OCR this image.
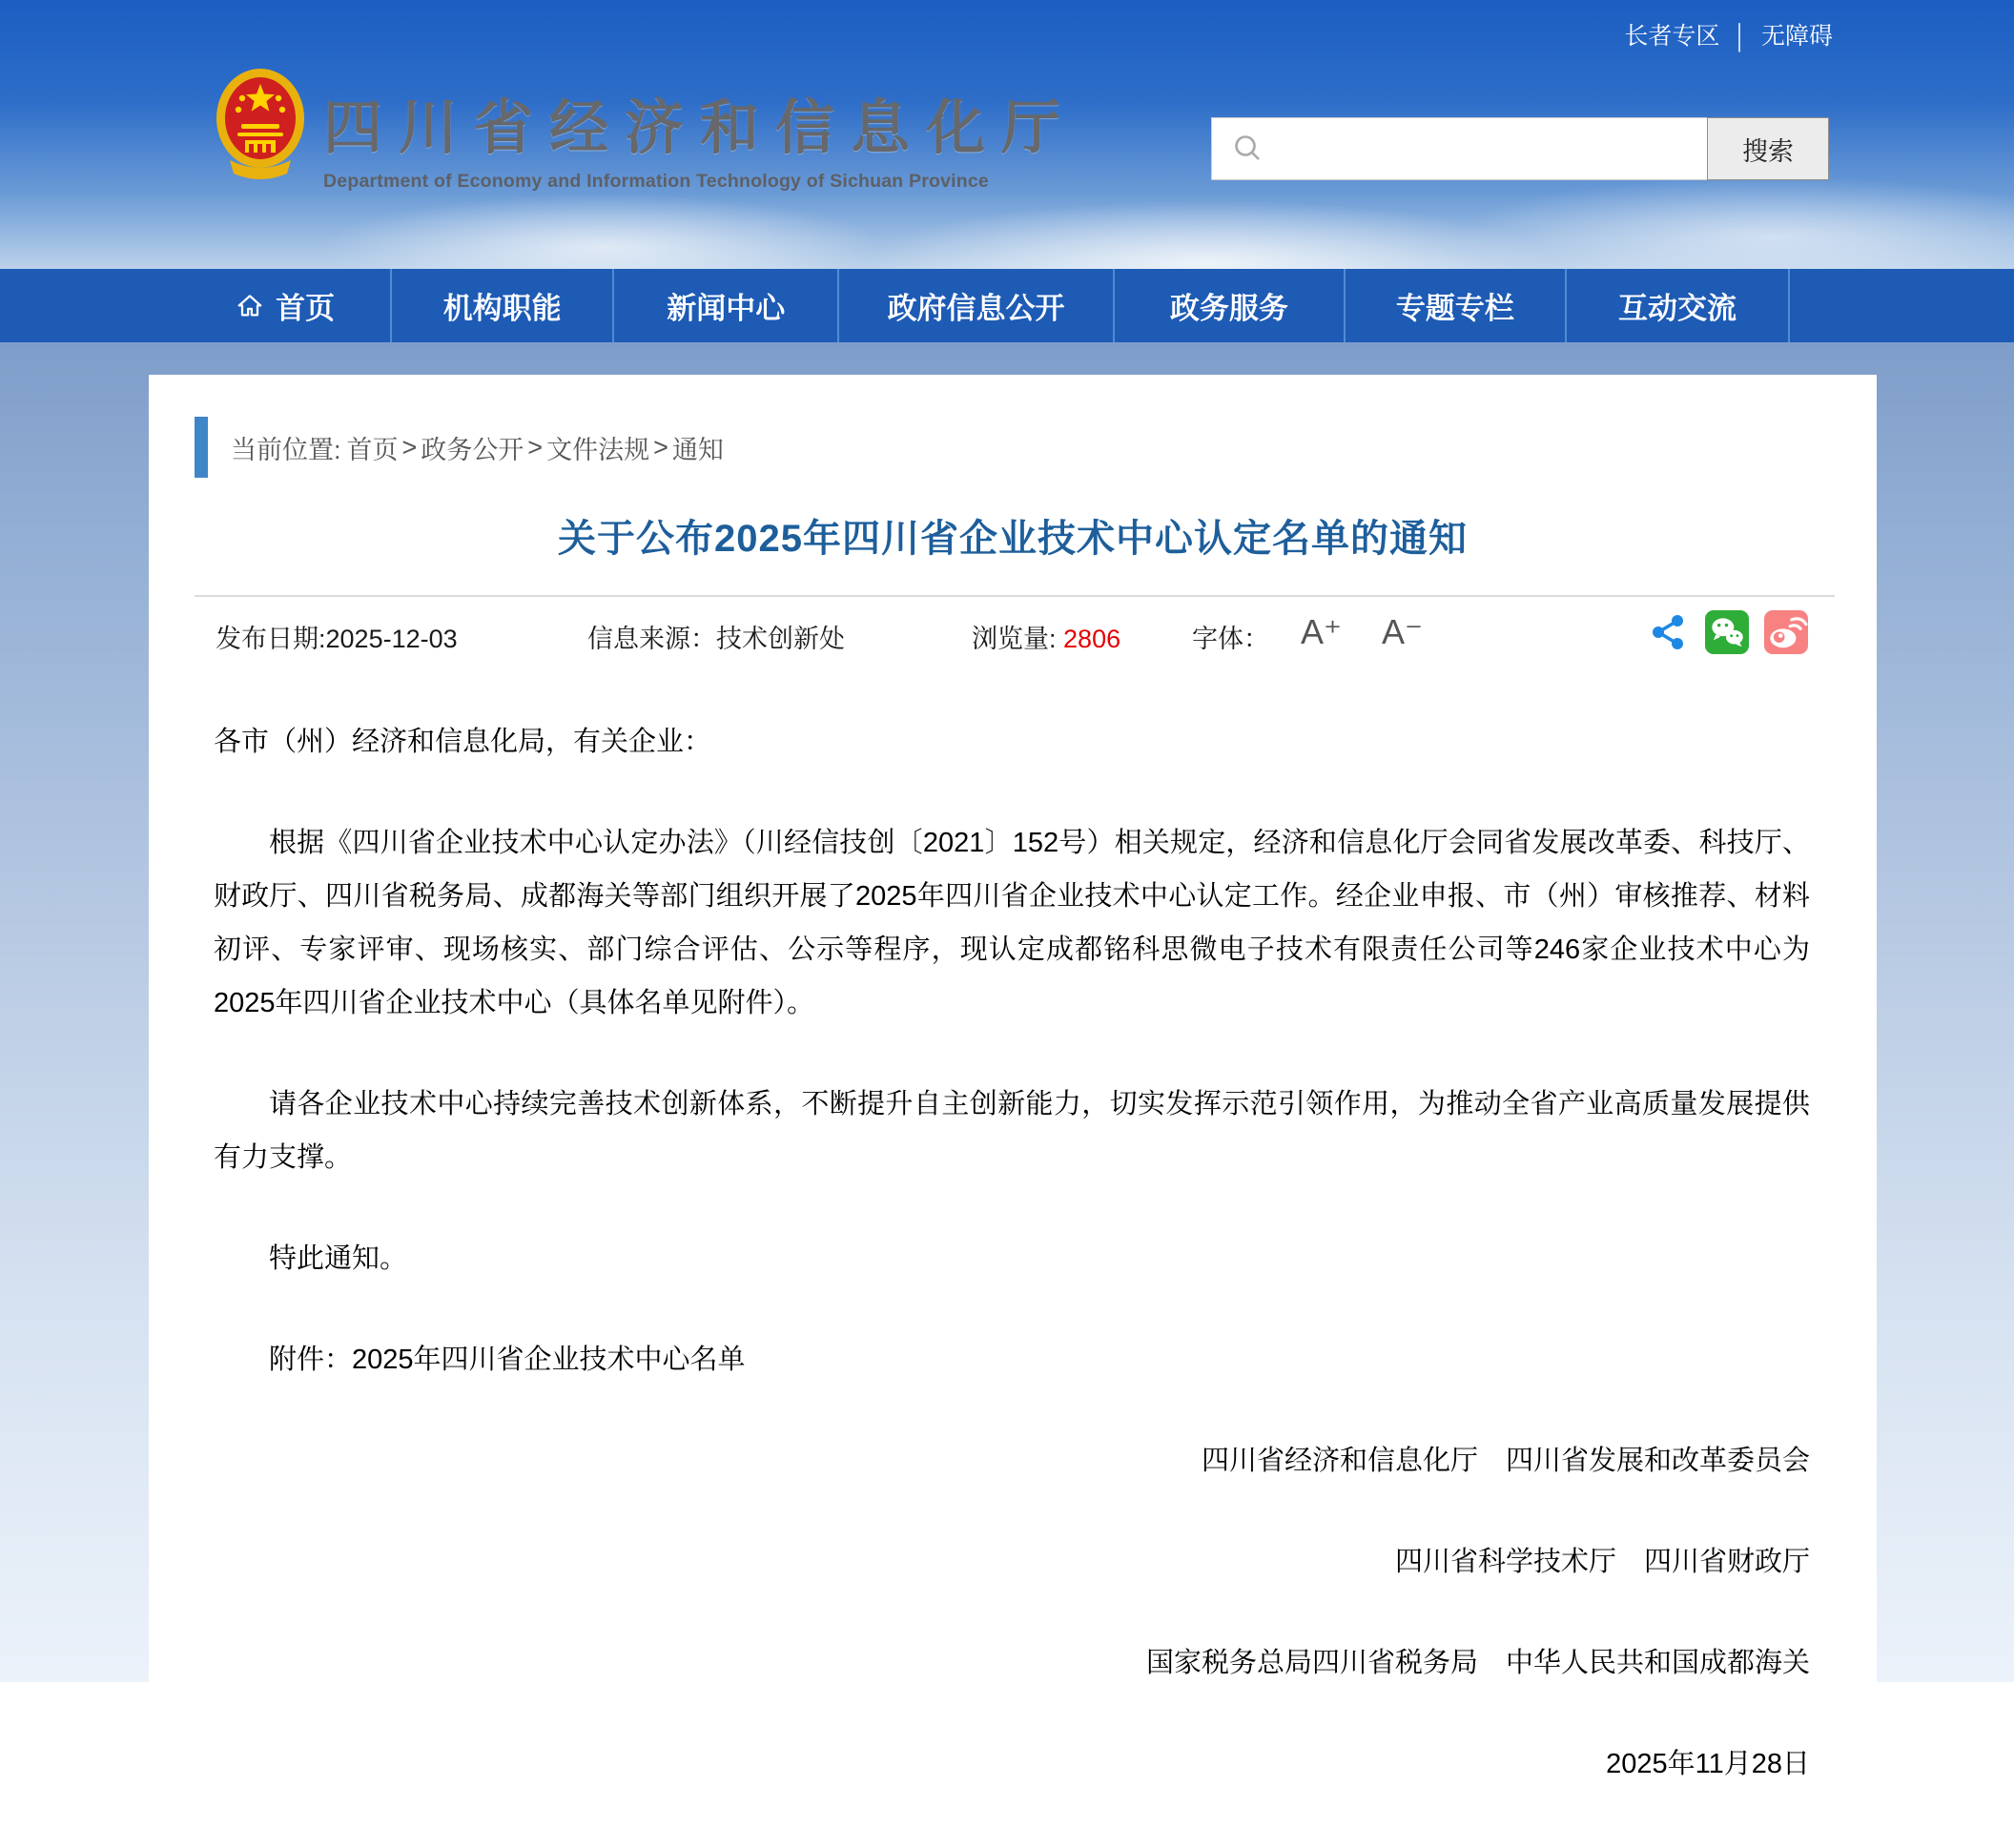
长者专区 │ 无障碍
四川省经济和信息化厅
Department of Economy and Information Technology of Sichuan Province
搜索
首页	机构职能	新闻中心	政府信息公开	政务服务	专题专栏	互动交流
当前位置: 首页 > 政务公开 > 文件法规 > 通知
关于公布2025年四川省企业技术中心认定名单的通知
发布日期:2025-12-03	信息来源：技术创新处	浏览量: 2806	字体： A⁺ A⁻

各市（州）经济和信息化局，有关企业：

根据《四川省企业技术中心认定办法》（川经信技创〔2021〕152号）相关规定，经济和信息化厅会同省发展改革委、科技厅、财政厅、四川省税务局、成都海关等部门组织开展了2025年四川省企业技术中心认定工作。经企业申报、市（州）审核推荐、材料初评、专家评审、现场核实、部门综合评估、公示等程序，现认定成都铭科思微电子技术有限责任公司等246家企业技术中心为2025年四川省企业技术中心（具体名单见附件）。

请各企业技术中心持续完善技术创新体系，不断提升自主创新能力，切实发挥示范引领作用，为推动全省产业高质量发展提供有力支撑。

特此通知。

附件：2025年四川省企业技术中心名单

四川省经济和信息化厅　四川省发展和改革委员会

四川省科学技术厅　四川省财政厅

国家税务总局四川省税务局　中华人民共和国成都海关

2025年11月28日
